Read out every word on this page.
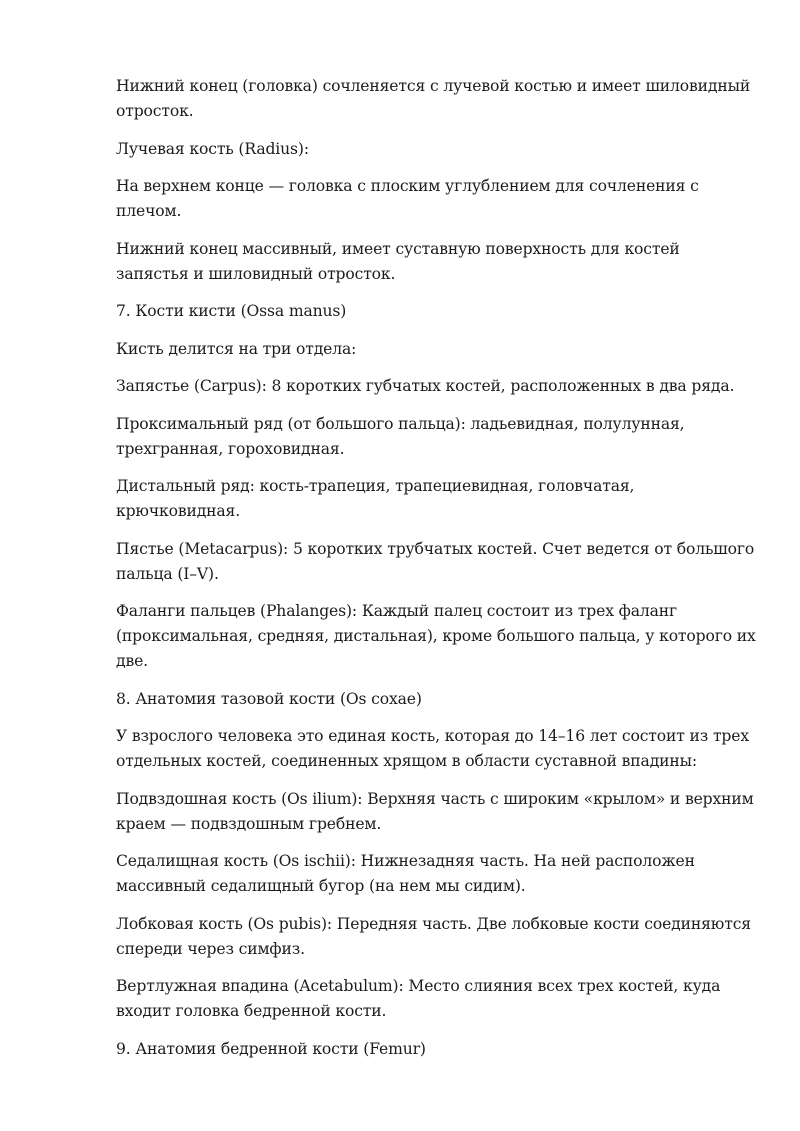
Нижний конец (головка) сочленяется с лучевой костью и имеет шиловидный отросток.

Лучевая кость (Radius):

На верхнем конце — головка с плоским углублением для сочленения с плечом.

Нижний конец массивный, имеет суставную поверхность для костей запястья и шиловидный отросток.

7. Кости кисти (Ossa manus)

Кисть делится на три отдела:

Запястье (Carpus): 8 коротких губчатых костей, расположенных в два ряда.

Проксимальный ряд (от большого пальца): ладьевидная, полулунная, трехгранная, гороховидная.

Дистальный ряд: кость-трапеция, трапециевидная, головчатая, крючковидная.

Пястье (Metacarpus): 5 коротких трубчатых костей. Счет ведется от большого пальца (I–V).

Фаланги пальцев (Phalanges): Каждый палец состоит из трех фаланг (проксимальная, средняя, дистальная), кроме большого пальца, у которого их две.

8. Анатомия тазовой кости (Os coxae)

У взрослого человека это единая кость, которая до 14–16 лет состоит из трех отдельных костей, соединенных хрящом в области суставной впадины:

Подвздошная кость (Os ilium): Верхняя часть с широким «крылом» и верхним краем — подвздошным гребнем.

Седалищная кость (Os ischii): Нижнезадняя часть. На ней расположен массивный седалищный бугор (на нем мы сидим).

Лобковая кость (Os pubis): Передняя часть. Две лобковые кости соединяются спереди через симфиз.

Вертлужная впадина (Acetabulum): Место слияния всех трех костей, куда входит головка бедренной кости.

9. Анатомия бедренной кости (Femur)
